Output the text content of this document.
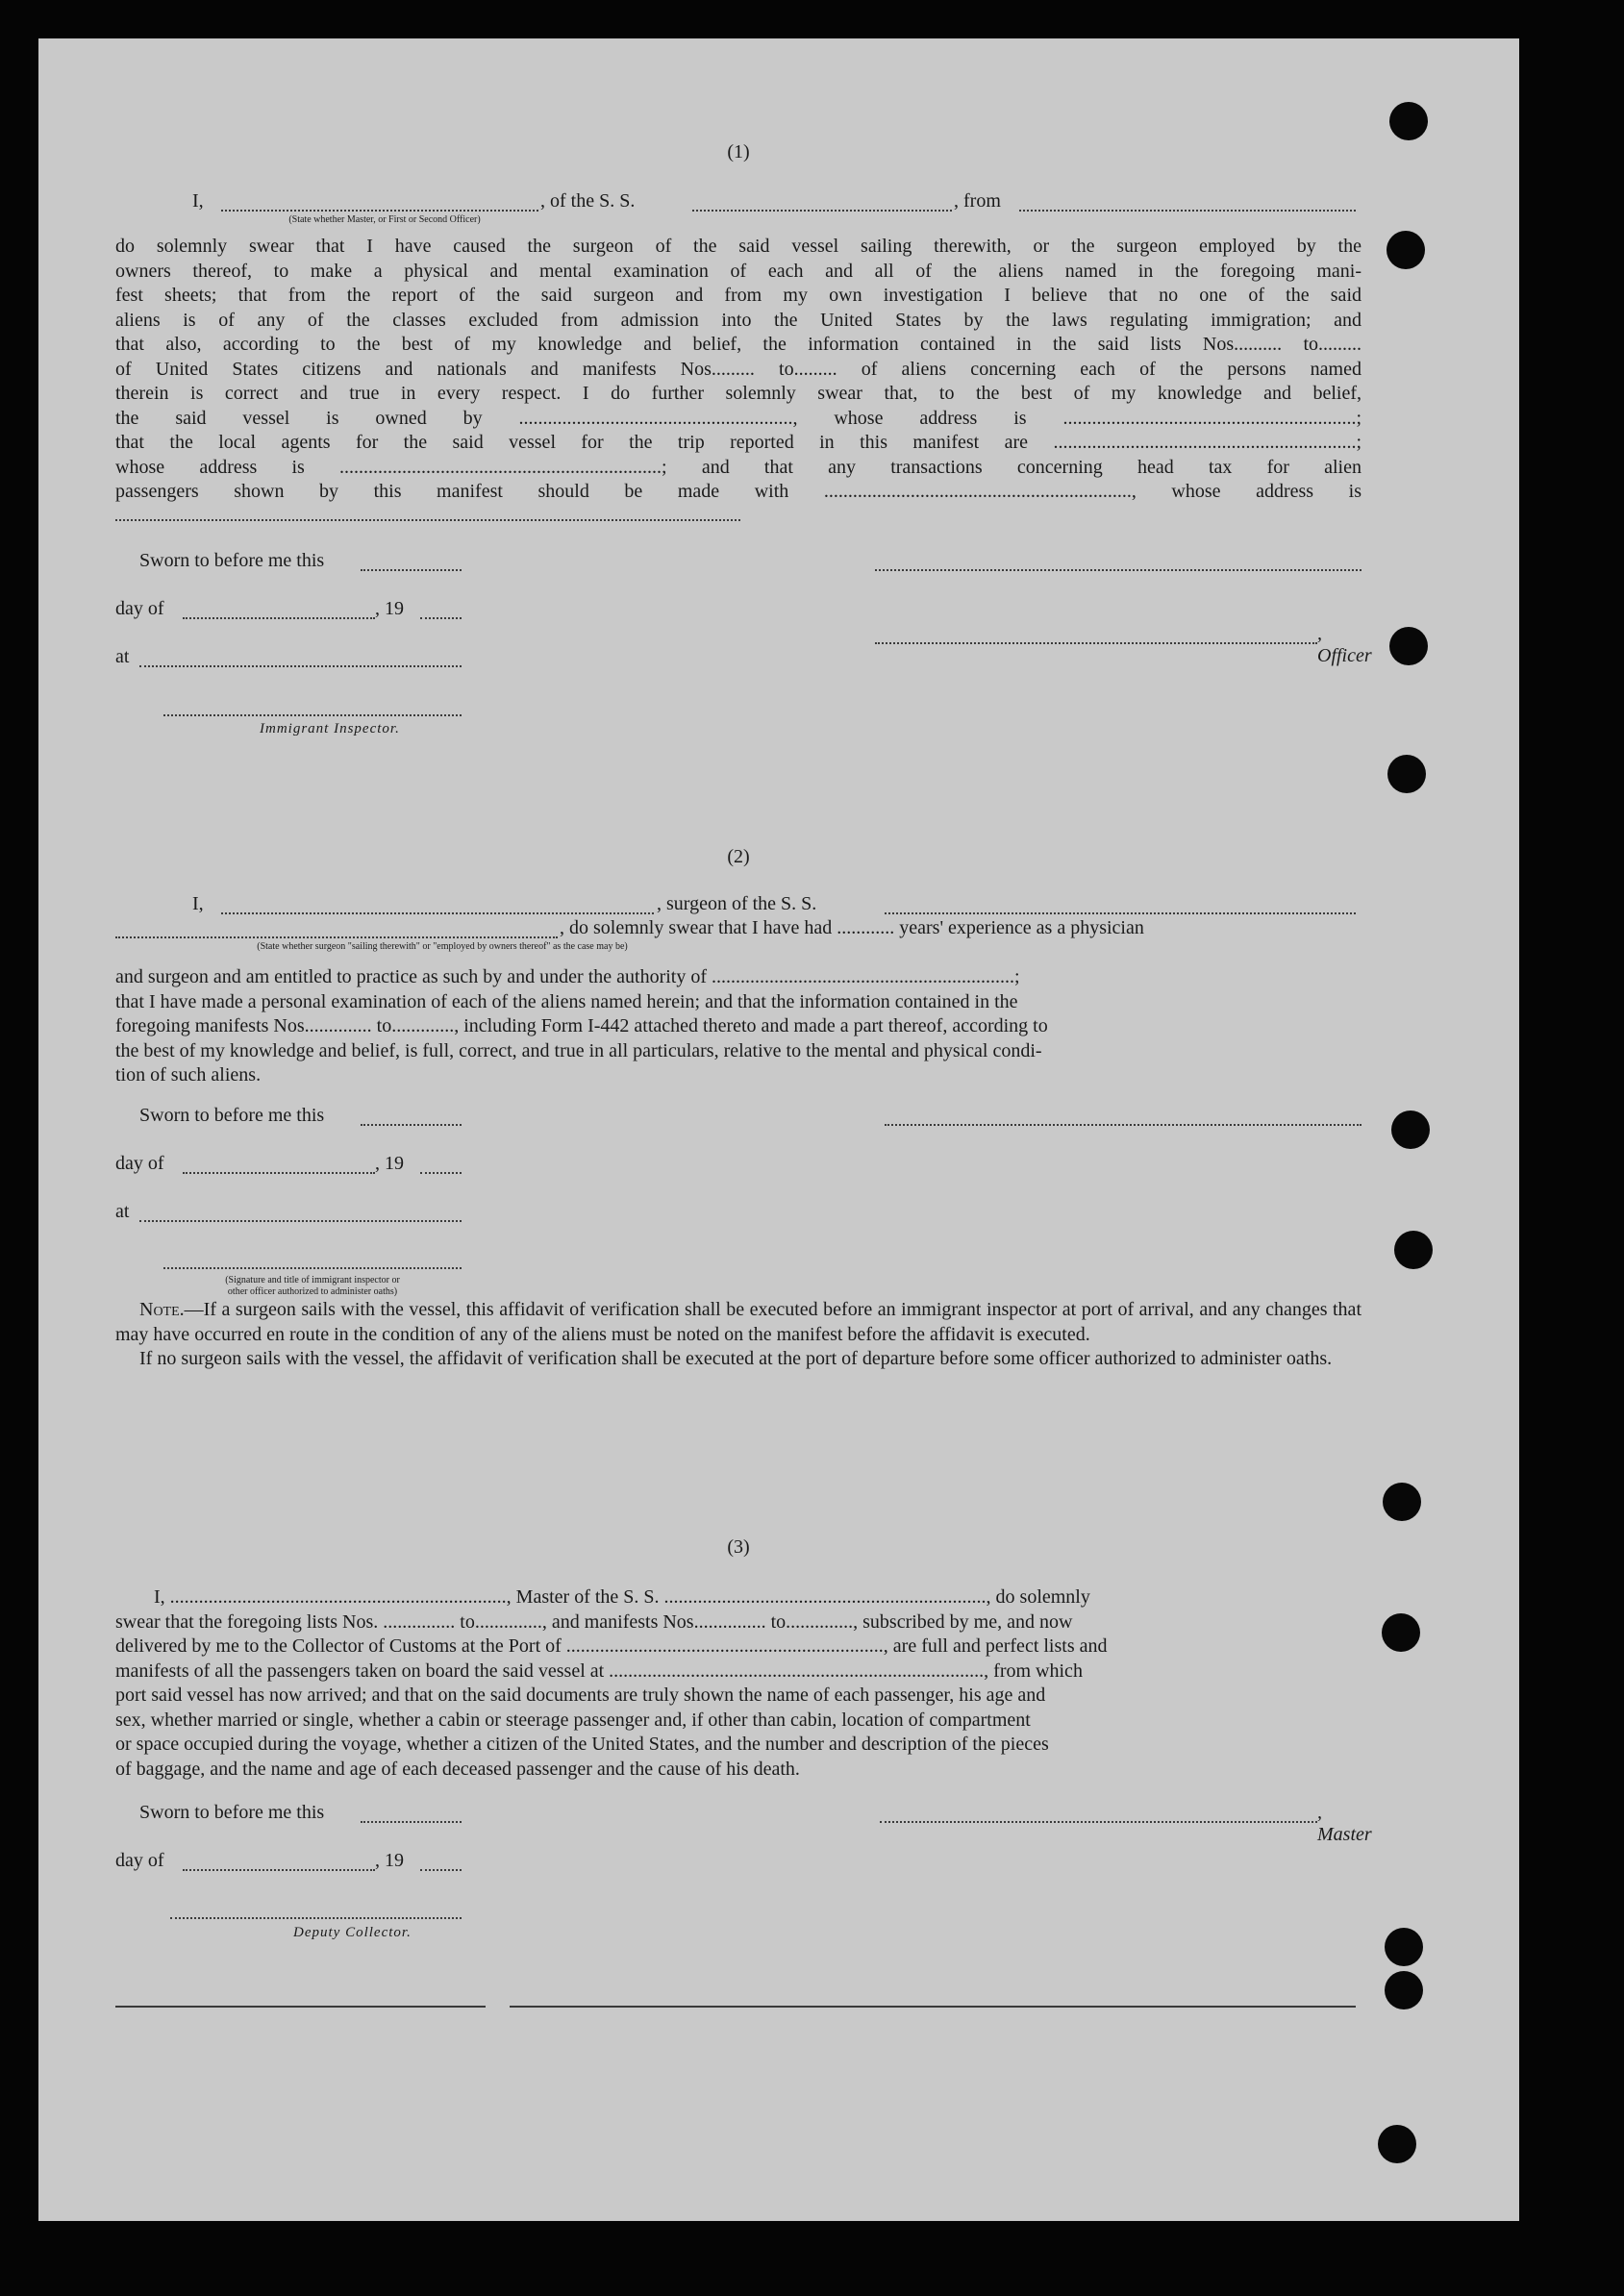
(1)
I,	, of the S. S.	, from
(State whether Master, or First or Second Officer)
do solemnly swear that I have caused the surgeon of the said vessel sailing therewith, or the surgeon employed by the
owners thereof, to make a physical and mental examination of each and all of the aliens named in the foregoing mani-
fest sheets; that from the report of the said surgeon and from my own investigation I believe that no one of the said
aliens is of any of the classes excluded from admission into the United States by the laws regulating immigration; and
that also, according to the best of my knowledge and belief, the information contained in the said lists Nos.......... to.........
of United States citizens and nationals and manifests Nos......... to......... of aliens concerning each of the persons named
therein is correct and true in every respect. I do further solemnly swear that, to the best of my knowledge and belief,
the said vessel is owned by ........................................................., whose address is .............................................................;
that the local agents for the said vessel for the trip reported in this manifest are ...............................................................;
whose address is ...................................................................; and that any transactions concerning head tax for alien
passengers shown by this manifest should be made with ................................................................, whose address is
Sworn to before me this
day of	, 19
, Officer
at
Immigrant Inspector.
(2)
I,	, surgeon of the S. S.
, do solemnly swear that I have had ............ years' experience as a physician
(State whether surgeon "sailing therewith" or "employed by owners thereof" as the case may be)
and surgeon and am entitled to practice as such by and under the authority of ...............................................................;
that I have made a personal examination of each of the aliens named herein; and that the information contained in the
foregoing manifests Nos.............. to............., including Form I-442 attached thereto and made a part thereof, according to
the best of my knowledge and belief, is full, correct, and true in all particulars, relative to the mental and physical condi-
tion of such aliens.
Sworn to before me this
day of	, 19
at
(Signature and title of immigrant inspector or
other officer authorized to administer oaths)

Note.—If a surgeon sails with the vessel, this affidavit of verification shall be executed before an immigrant inspector at port of arrival, and any changes that may have occurred en route in the condition of any of the aliens must be noted on the manifest before the affidavit is executed.

If no surgeon sails with the vessel, the affidavit of verification shall be executed at the port of departure before some officer authorized to administer oaths.

(3)
I, ......................................................................, Master of the S. S. ..................................................................., do solemnly
swear that the foregoing lists Nos. ............... to.............., and manifests Nos............... to.............., subscribed by me, and now
delivered by me to the Collector of Customs at the Port of .................................................................., are full and perfect lists and
manifests of all the passengers taken on board the said vessel at .............................................................................., from which
port said vessel has now arrived; and that on the said documents are truly shown the name of each passenger, his age and
sex, whether married or single, whether a cabin or steerage passenger and, if other than cabin, location of compartment
or space occupied during the voyage, whether a citizen of the United States, and the number and description of the pieces
of baggage, and the name and age of each deceased passenger and the cause of his death.
Sworn to before me this	, Master
day of	, 19
Deputy Collector.
